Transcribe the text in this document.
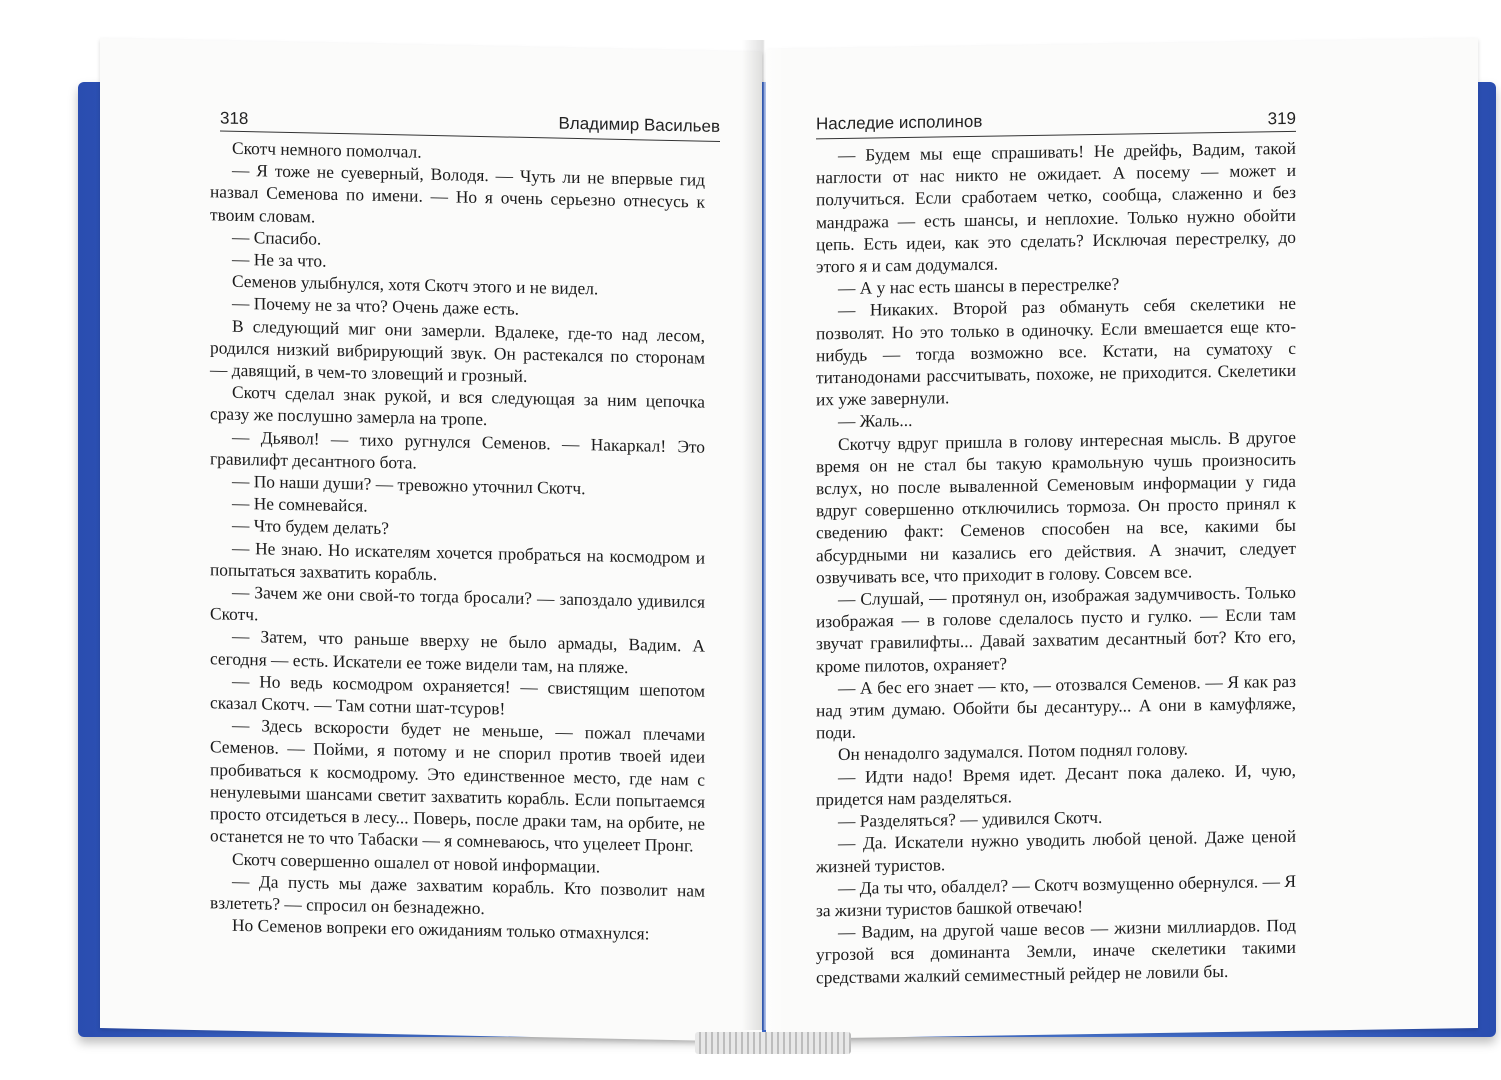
318	Владимир Васильев

Скотч немного помолчал.

— Я тоже не суеверный, Володя. — Чуть ли не впервые гид назвал Семенова по имени. — Но я очень серьезно отнесусь к твоим словам.

— Спасибо.

— Не за что.

Семенов улыбнулся, хотя Скотч этого и не видел.

— Почему не за что? Очень даже есть.

В следующий миг они замерли. Вдалеке, где-то над лесом, родился низкий вибрирующий звук. Он растекался по сторонам — давящий, в чем-то зловещий и грозный.

Скотч сделал знак рукой, и вся следующая за ним цепочка сразу же послушно замерла на тропе.

— Дьявол! — тихо ругнулся Семенов. — Накаркал! Это гравилифт десантного бота.

— По наши души? — тревожно уточнил Скотч.

— Не сомневайся.

— Что будем делать?

— Не знаю. Но искателям хочется пробраться на космодром и попытаться захватить корабль.

— Зачем же они свой-то тогда бросали? — запоздало удивился Скотч.

— Затем, что раньше вверху не было армады, Вадим. А сегодня — есть. Искатели ее тоже видели там, на пляже.

— Но ведь космодром охраняется! — свистящим шепотом сказал Скотч. — Там сотни шат-тсуров!

— Здесь вскорости будет не меньше, — пожал плечами Семенов. — Пойми, я потому и не спорил против твоей идеи пробиваться к космодрому. Это единственное место, где нам с ненулевыми шансами светит захватить корабль. Если попытаемся просто отсидеться в лесу... Поверь, после драки там, на орбите, не останется не то что Табаски — я сомневаюсь, что уцелеет Пронг.

Скотч совершенно ошалел от новой информации.

— Да пусть мы даже захватим корабль. Кто позволит нам взлететь? — спросил он безнадежно.

Но Семенов вопреки его ожиданиям только отмахнулся:

Наследие исполинов	319

— Будем мы еще спрашивать! Не дрейфь, Вадим, такой наглости от нас никто не ожидает. А посему — может и получиться. Если сработаем четко, сообща, слаженно и без мандража — есть шансы, и неплохие. Только нужно обойти цепь. Есть идеи, как это сделать? Исключая перестрелку, до этого я и сам додумался.

— А у нас есть шансы в перестрелке?

— Никаких. Второй раз обмануть себя скелетики не позволят. Но это только в одиночку. Если вмешается еще кто-нибудь — тогда возможно все. Кстати, на суматоху с титанодонами рассчитывать, похоже, не приходится. Скелетики их уже завернули.

— Жаль...

Скотчу вдруг пришла в голову интересная мысль. В другое время он не стал бы такую крамольную чушь произносить вслух, но после вываленной Семеновым информации у гида вдруг совершенно отключились тормоза. Он просто принял к сведению факт: Семенов способен на все, какими бы абсурдными ни казались его действия. А значит, следует озвучивать все, что приходит в голову. Совсем все.

— Слушай, — протянул он, изображая задумчивость. Только изображая — в голове сделалось пусто и гулко. — Если там звучат гравилифты... Давай захватим десантный бот? Кто его, кроме пилотов, охраняет?

— А бес его знает — кто, — отозвался Семенов. — Я как раз над этим думаю. Обойти бы десантуру... А они в камуфляже, поди.

Он ненадолго задумался. Потом поднял голову.

— Идти надо! Время идет. Десант пока далеко. И, чую, придется нам разделяться.

— Разделяться? — удивился Скотч.

— Да. Искатели нужно уводить любой ценой. Даже ценой жизней туристов.

— Да ты что, обалдел? — Скотч возмущенно обернулся. — Я за жизни туристов башкой отвечаю!

— Вадим, на другой чаше весов — жизни миллиардов. Под угрозой вся доминанта Земли, иначе скелетики такими средствами жалкий семиместный рейдер не ловили бы.
